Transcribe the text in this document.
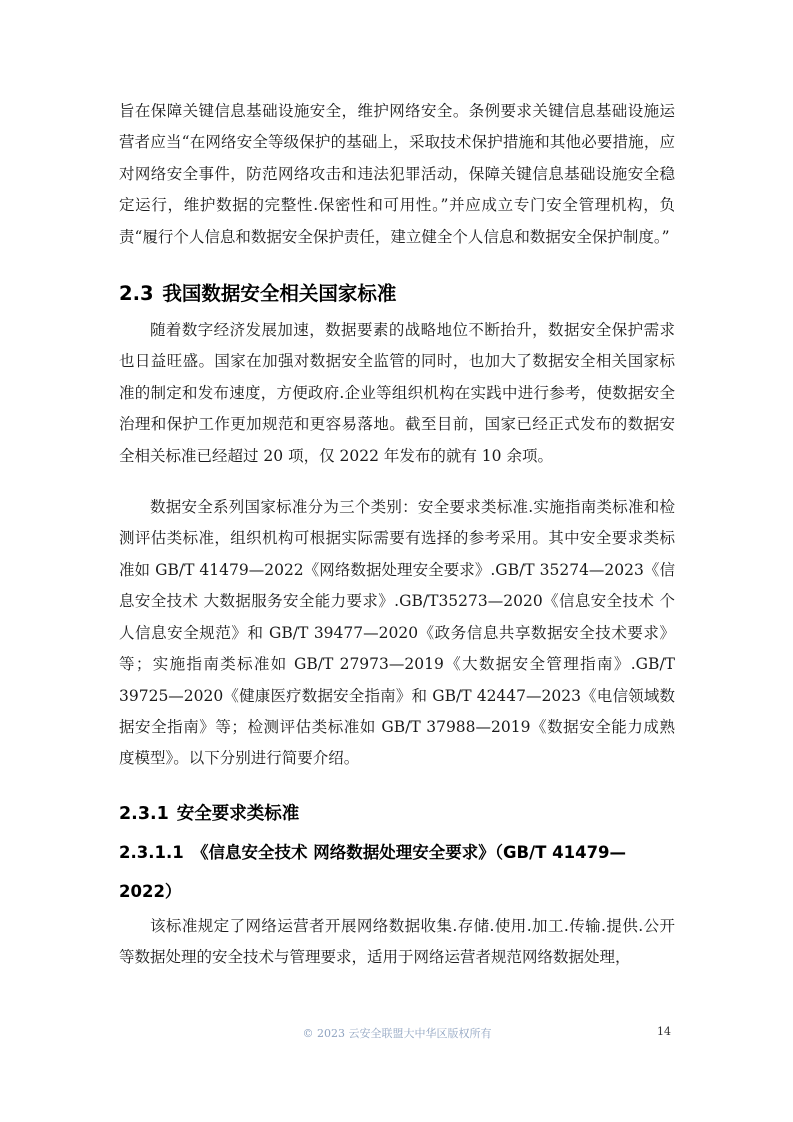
旨在保障关键信息基础设施安全，维护网络安全。条例要求关键信息基础设施运营者应当“在网络安全等级保护的基础上，采取技术保护措施和其他必要措施，应对网络安全事件，防范网络攻击和违法犯罪活动，保障关键信息基础设施安全稳定运行，维护数据的完整性.保密性和可用性。”并应成立专门安全管理机构，负责“履行个人信息和数据安全保护责任，建立健全个人信息和数据安全保护制度。”

2.3 我国数据安全相关国家标准

随着数字经济发展加速，数据要素的战略地位不断抬升，数据安全保护需求也日益旺盛。国家在加强对数据安全监管的同时，也加大了数据安全相关国家标准的制定和发布速度，方便政府.企业等组织机构在实践中进行参考，使数据安全治理和保护工作更加规范和更容易落地。截至目前，国家已经正式发布的数据安全相关标准已经超过 20 项，仅 2022 年发布的就有 10 余项。

数据安全系列国家标准分为三个类别：安全要求类标准.实施指南类标准和检测评估类标准，组织机构可根据实际需要有选择的参考采用。其中安全要求类标准如 GB/T 41479—2022《网络数据处理安全要求》.GB/T 35274—2023《信息安全技术 大数据服务安全能力要求》.GB/T35273—2020《信息安全技术 个人信息安全规范》和 GB/T 39477—2020《政务信息共享数据安全技术要求》等；实施指南类标准如 GB/T 27973—2019《大数据安全管理指南》.GB/T 39725—2020《健康医疗数据安全指南》和 GB/T 42447—2023《电信领域数据安全指南》等；检测评估类标准如 GB/T 37988—2019《数据安全能力成熟度模型》。以下分别进行简要介绍。

2.3.1 安全要求类标准
2.3.1.1 《信息安全技术 网络数据处理安全要求》（GB/T 41479—2022）

该标准规定了网络运营者开展网络数据收集.存储.使用.加工.传输.提供.公开等数据处理的安全技术与管理要求，适用于网络运营者规范网络数据处理，

© 2023 云安全联盟大中华区版权所有	14
